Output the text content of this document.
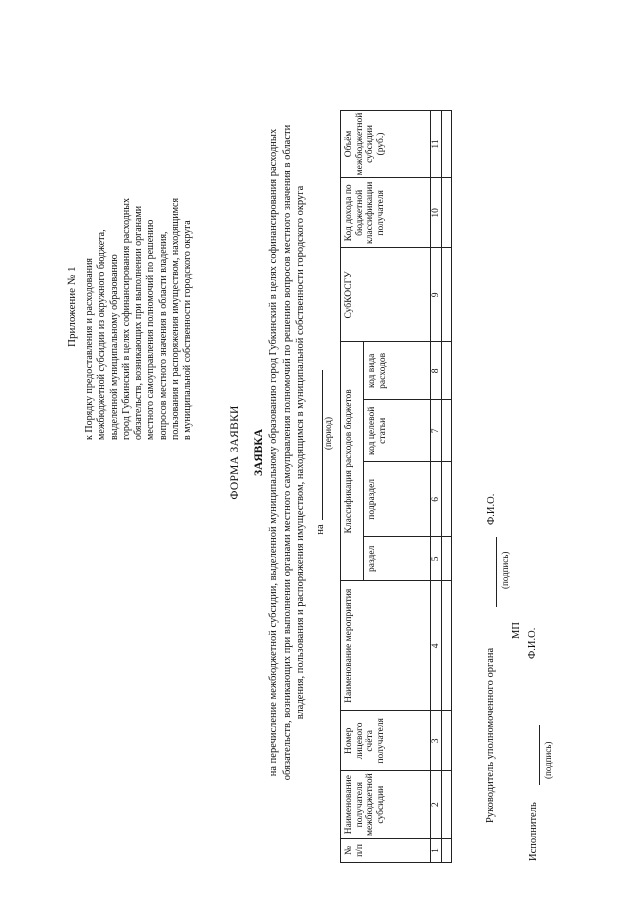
Приложение № 1 к Порядку предоставления и расходования межбюджетной субсидии из окружного бюджета, выделенной муниципальному образованию город Губкинский в целях софинансирования расходных обязательств, возникающих при выполнении органами местного самоуправления полномочий по решению вопросов местного значения в области владения, пользования и распоряжения имуществом, находящимся в муниципальной собственности городского округа
ФОРМА ЗАЯВКИ ЗАЯВКА на перечисление межбюджетной субсидии, выделенной муниципальному образованию город Губкинский в целях софинансирования расходных обязательств, возникающих при выполнении органами местного самоуправления полномочий по решению вопросов местного значения в области владения, пользования и распоряжения имуществом, находящимся в муниципальной собственности городского округа на
(период)
№ п/п	Наименование получателя межбюджетной субсидии	Номер лицевого счёта получателя	Наименование мероприятия	Классификация расходов бюджетов				СубКОСГУ	Код дохода по бюджетной классификации получателя	Объём межбюджетной субсидии (руб.)
				раздел	подраздел	код целевой статьи	код вида расходов			
1	2	3	4	5	6	7	8	9	10	11

Руководитель уполномоченного органа
(подпись)
Ф.И.О.
МП
Исполнитель
(подпись)
Ф.И.О.
